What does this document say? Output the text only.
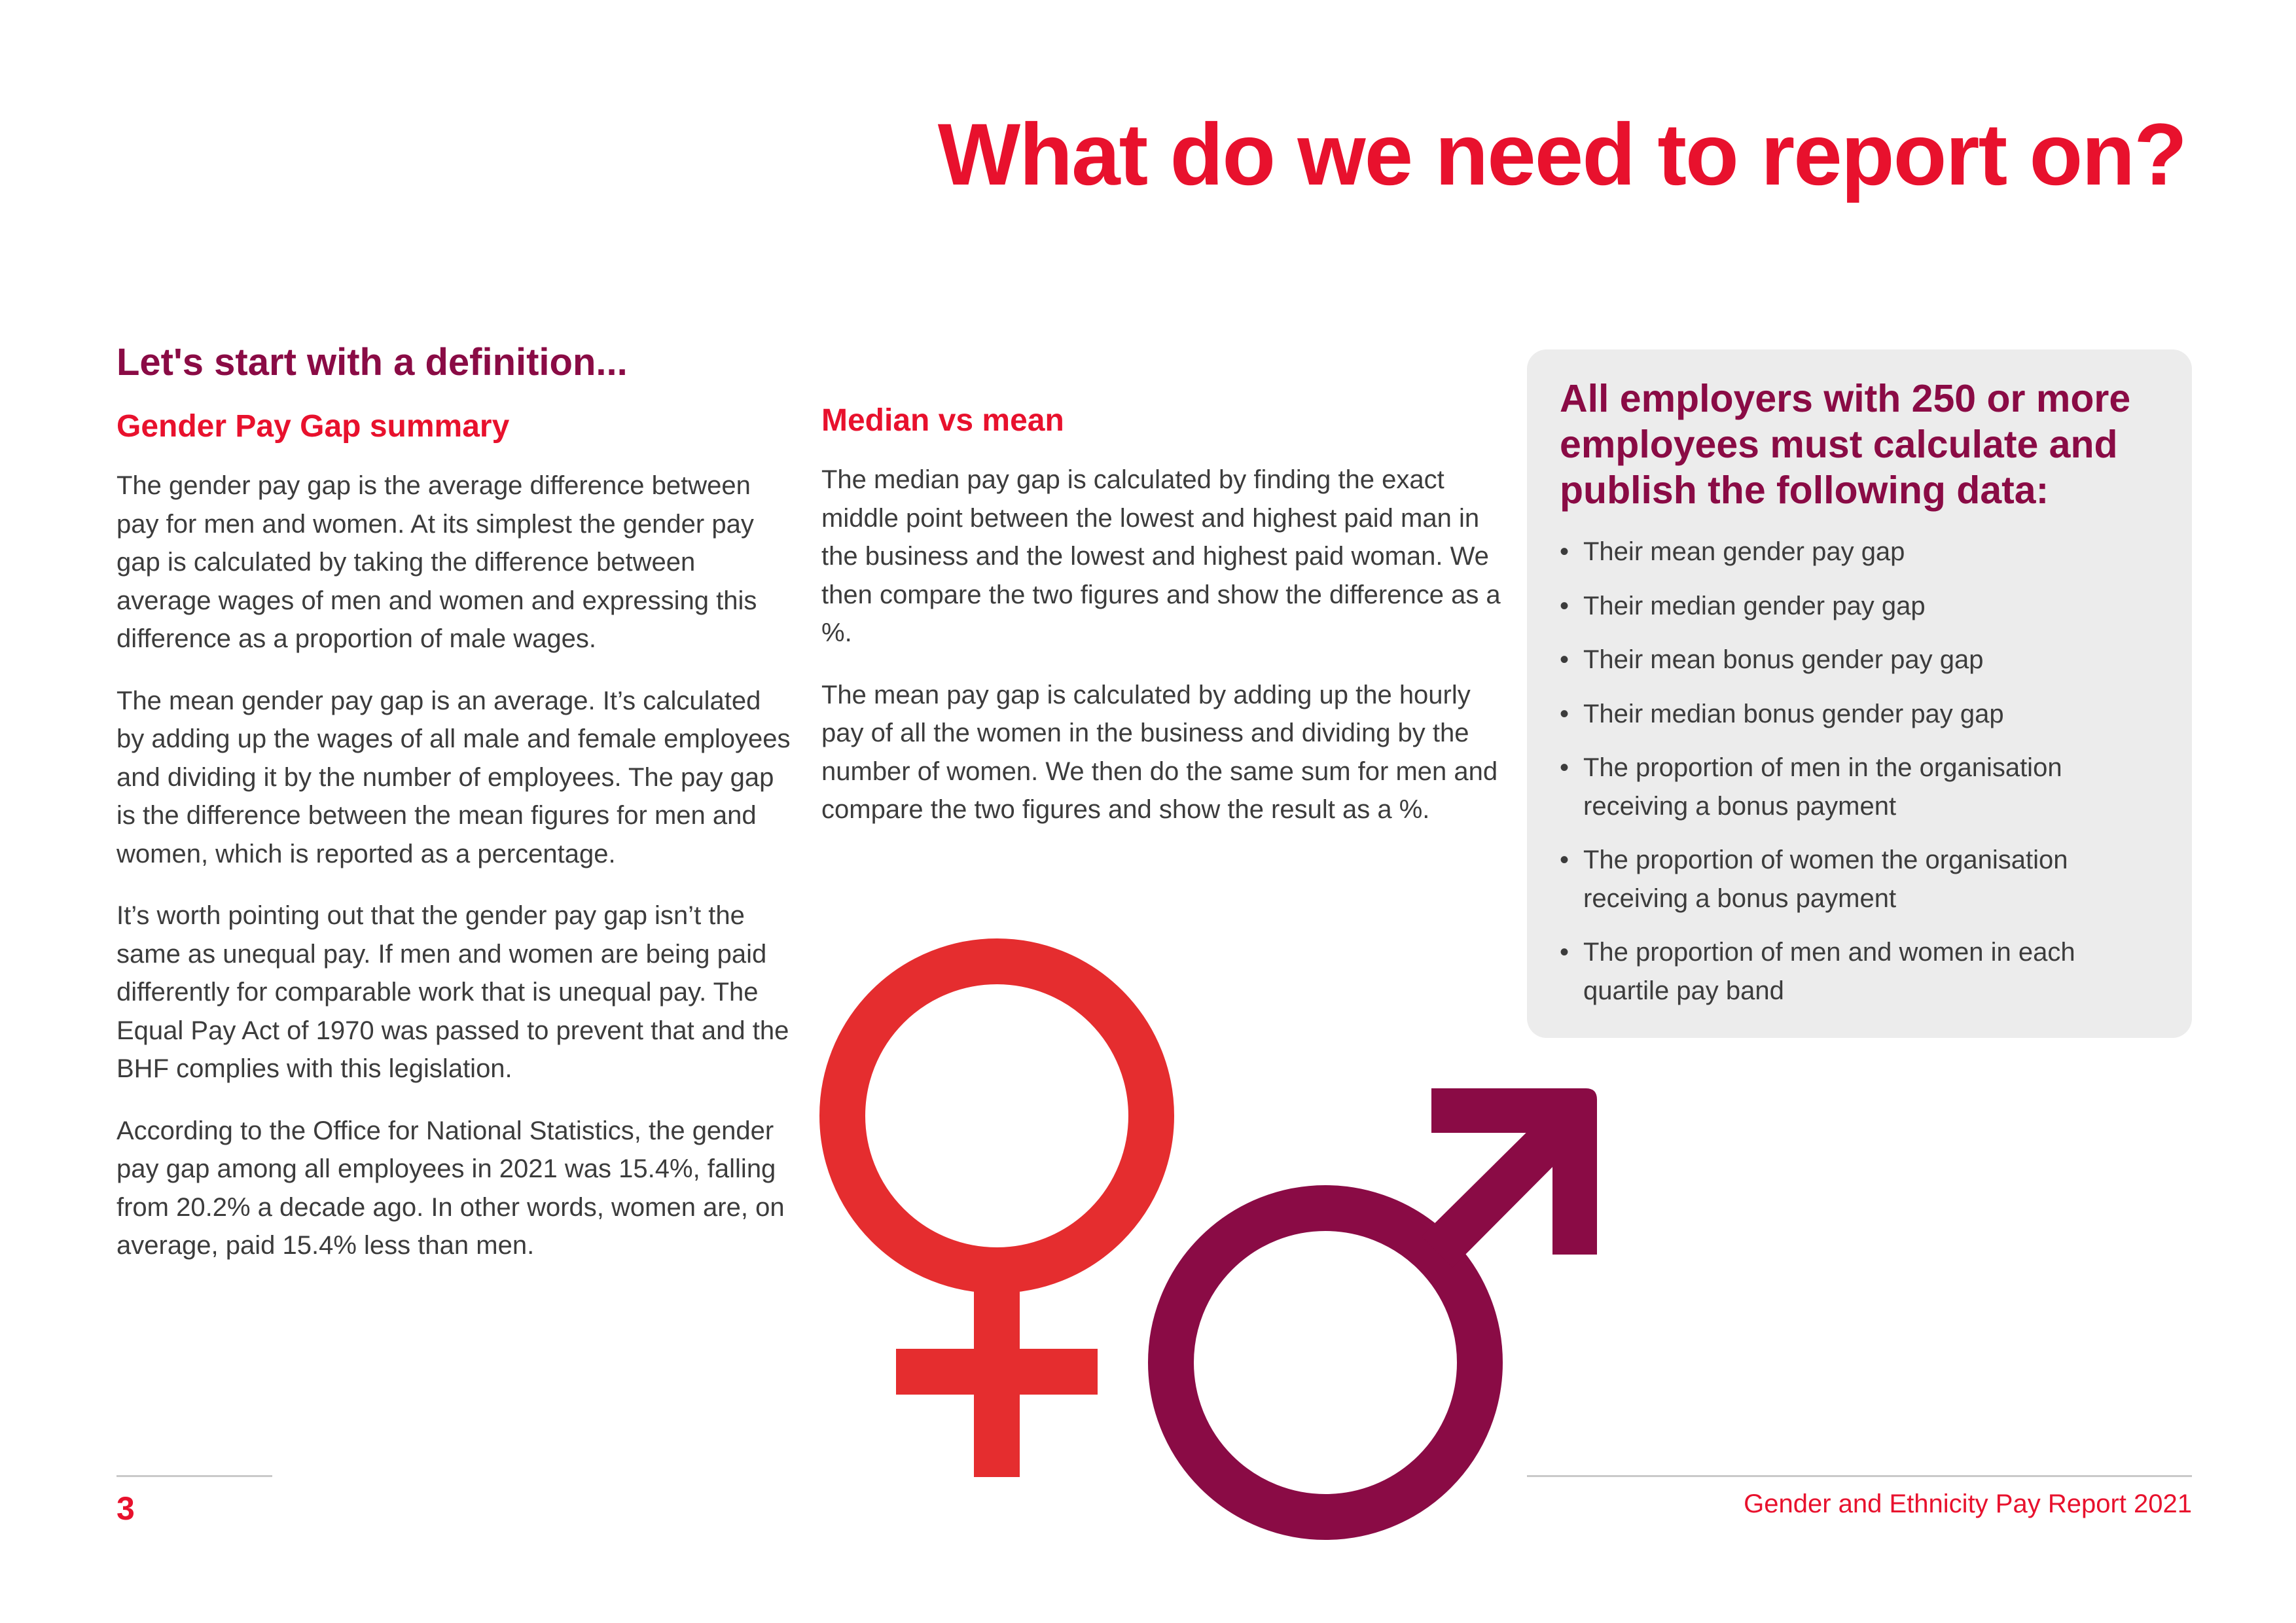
What do we need to report on?
Let's start with a definition...
Gender Pay Gap summary

The gender pay gap is the average difference between pay for men and women. At its simplest the gender pay gap is calculated by taking the difference between average wages of men and women and expressing this difference as a proportion of male wages.

The mean gender pay gap is an average. It’s calculated by adding up the wages of all male and female employees and dividing it by the number of employees. The pay gap is the difference between the mean figures for men and women, which is reported as a percentage.

It’s worth pointing out that the gender pay gap isn’t the same as unequal pay. If men and women are being paid differently for comparable work that is unequal pay. The Equal Pay Act of 1970 was passed to prevent that and the BHF complies with this legislation.

According to the Office for National Statistics, the gender pay gap among all employees in 2021 was 15.4%, falling from 20.2% a decade ago. In other words, women are, on average, paid 15.4% less than men.

Median vs mean

The median pay gap is calculated by finding the exact middle point between the lowest and highest paid man in the business and the lowest and highest paid woman. We then compare the two figures and show the difference as a %.

The mean pay gap is calculated by adding up the hourly pay of all the women in the business and dividing by the number of women. We then do the same sum for men and compare the two figures and show the result as a %.

All employers with 250 or more employees must calculate and publish the following data:
• Their mean gender pay gap
• Their median gender pay gap
• Their mean bonus gender pay gap
• Their median bonus gender pay gap
• The proportion of men in the organisation receiving a bonus payment
• The proportion of women the organisation receiving a bonus payment
• The proportion of men and women in each quartile pay band
3	Gender and Ethnicity Pay Report 2021
